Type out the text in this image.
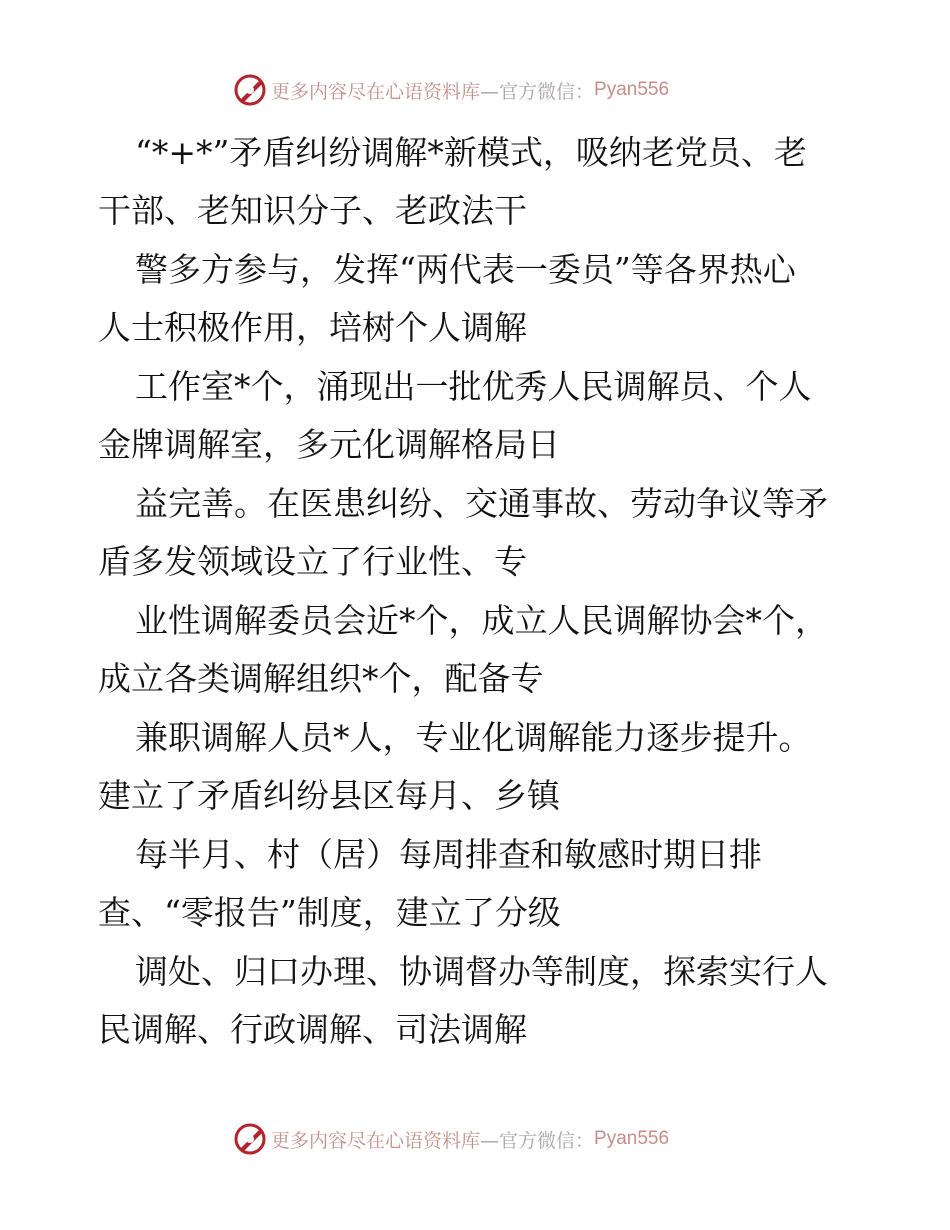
更多内容尽在心语资料库 —官方微信： Pyan556
“*+*”矛盾纠纷调解*新模式，吸纳老党员、老
干部、老知识分子、老政法干
警多方参与，发挥“两代表一委员”等各界热心
人士积极作用，培树个人调解
工作室*个，涌现出一批优秀人民调解员、个人
金牌调解室，多元化调解格局日
益完善。在医患纠纷、交通事故、劳动争议等矛
盾多发领域设立了行业性、专
业性调解委员会近*个，成立人民调解协会*个，
成立各类调解组织*个，配备专
兼职调解人员*人，专业化调解能力逐步提升。
建立了矛盾纠纷县区每月、乡镇
每半月、村（居）每周排查和敏感时期日排
查、“零报告”制度，建立了分级
调处、归口办理、协调督办等制度，探索实行人
民调解、行政调解、司法调解
更多内容尽在心语资料库 —官方微信： Pyan556
